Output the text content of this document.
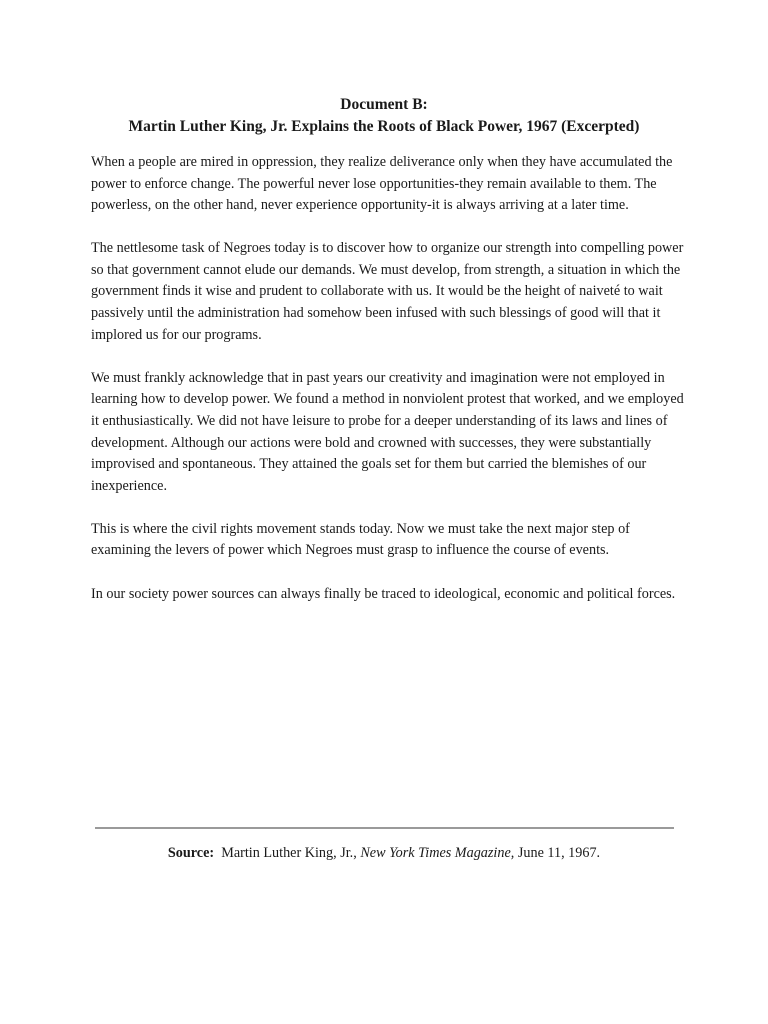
Document B:
Martin Luther King, Jr. Explains the Roots of Black Power, 1967 (Excerpted)

When a people are mired in oppression, they realize deliverance only when they have accumulated the power to enforce change. The powerful never lose opportunities-they remain available to them. The powerless, on the other hand, never experience opportunity-it is always arriving at a later time.

The nettlesome task of Negroes today is to discover how to organize our strength into compelling power so that government cannot elude our demands. We must develop, from strength, a situation in which the government finds it wise and prudent to collaborate with us. It would be the height of naiveté to wait passively until the administration had somehow been infused with such blessings of good will that it implored us for our programs.

We must frankly acknowledge that in past years our creativity and imagination were not employed in learning how to develop power. We found a method in nonviolent protest that worked, and we employed it enthusiastically. We did not have leisure to probe for a deeper understanding of its laws and lines of development. Although our actions were bold and crowned with successes, they were substantially improvised and spontaneous. They attained the goals set for them but carried the blemishes of our inexperience.

This is where the civil rights movement stands today. Now we must take the next major step of examining the levers of power which Negroes must grasp to influence the course of events.

In our society power sources can always finally be traced to ideological, economic and political forces.

Source: Martin Luther King, Jr., New York Times Magazine, June 11, 1967.
